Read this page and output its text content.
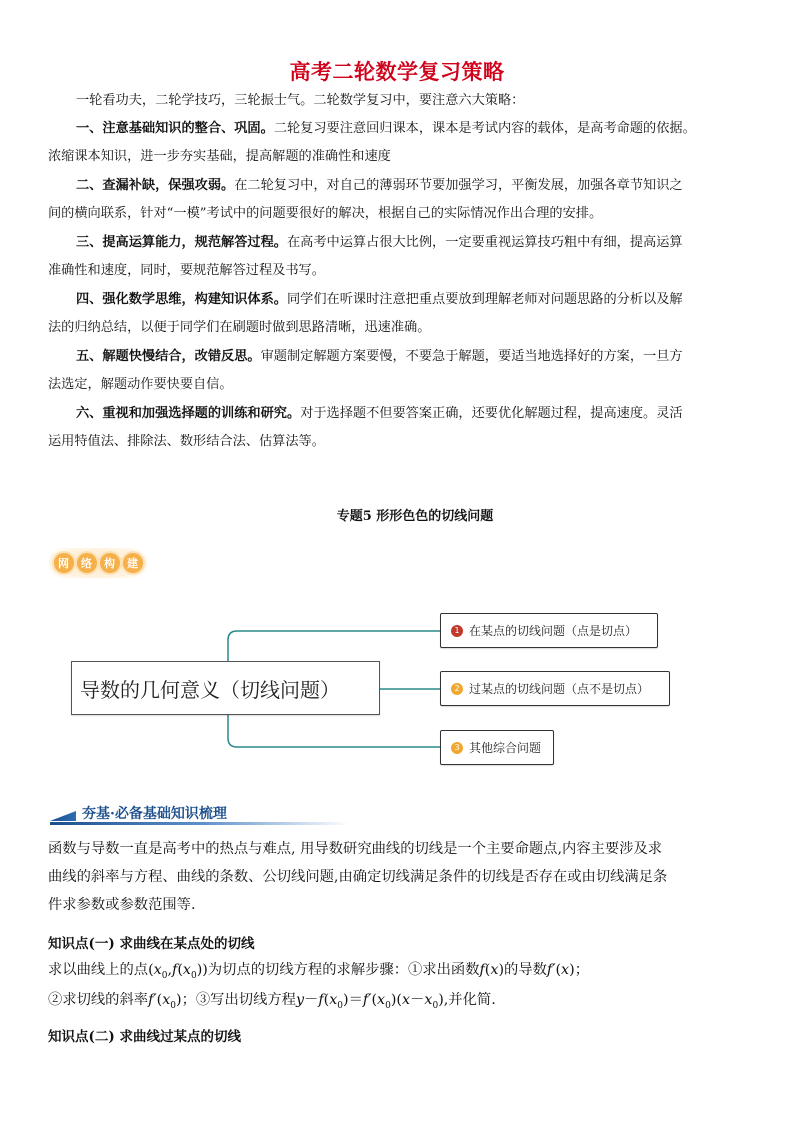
高考二轮数学复习策略
一轮看功夫，二轮学技巧，三轮振士气。二轮数学复习中，要注意六大策略：
一、注意基础知识的整合、巩固。二轮复习要注意回归课本，课本是考试内容的载体，是高考命题的依据。
浓缩课本知识，进一步夯实基础，提高解题的准确性和速度
二、查漏补缺，保强攻弱。在二轮复习中，对自己的薄弱环节要加强学习，平衡发展，加强各章节知识之
间的横向联系，针对“一模”考试中的问题要很好的解决，根据自己的实际情况作出合理的安排。
三、提高运算能力，规范解答过程。在高考中运算占很大比例，一定要重视运算技巧粗中有细，提高运算
准确性和速度，同时，要规范解答过程及书写。
四、强化数学思维，构建知识体系。同学们在听课时注意把重点要放到理解老师对问题思路的分析以及解
法的归纳总结，以便于同学们在刷题时做到思路清晰，迅速准确。
五、解题快慢结合，改错反思。审题制定解题方案要慢，不要急于解题，要适当地选择好的方案，一旦方
法选定，解题动作要快要自信。
六、重视和加强选择题的训练和研究。对于选择题不但要答案正确，还要优化解题过程，提高速度。灵活
运用特值法、排除法、数形结合法、估算法等。
专题5 形形色色的切线问题
网	络	构	建
导数的几何意义（切线问题）
1 在某点的切线问题（点是切点）
2 过某点的切线问题（点不是切点）
3 其他综合问题
夯基·必备基础知识梳理
函数与导数一直是高考中的热点与难点, 用导数研究曲线的切线是一个主要命题点,内容主要涉及求
曲线的斜率与方程、曲线的条数、公切线问题,由确定切线满足条件的切线是否存在或由切线满足条
件求参数或参数范围等.
知识点(一) 求曲线在某点处的切线
求以曲线上的点$(x_0,f(x_0))$为切点的切线方程的求解步骤：①求出函数f(x)的导数f′(x)；
②求切线的斜率$f'(x_0)$；③写出切线方程$y-f(x_0)=f'(x_0)(x-x_0)$,并化简.
知识点(二) 求曲线过某点的切线
